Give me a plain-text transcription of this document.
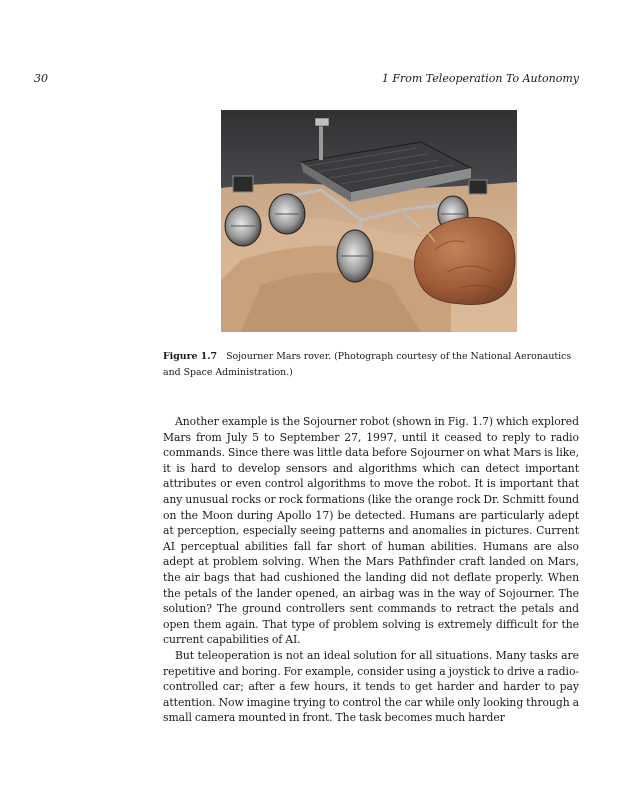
30	1 From Teleoperation To Autonomy
Figure 1.7 Sojourner Mars rover. (Photograph courtesy of the National Aeronautics and Space Administration.)

Another example is the Sojourner robot (shown in Fig. 1.7) which explored Mars from July 5 to September 27, 1997, until it ceased to reply to radio commands. Since there was little data before Sojourner on what Mars is like, it is hard to develop sensors and algorithms which can detect important attributes or even control algorithms to move the robot. It is important that any unusual rocks or rock formations (like the orange rock Dr. Schmitt found on the Moon during Apollo 17) be detected. Humans are particularly adept at perception, especially seeing patterns and anomalies in pictures. Current AI perceptual abilities fall far short of human abilities. Humans are also adept at problem solving. When the Mars Pathfinder craft landed on Mars, the air bags that had cushioned the landing did not deflate properly. When the petals of the lander opened, an airbag was in the way of Sojourner. The solution? The ground controllers sent commands to retract the petals and open them again. That type of problem solving is extremely difficult for the current capabilities of AI.

But teleoperation is not an ideal solution for all situations. Many tasks are repetitive and boring. For example, consider using a joystick to drive a radio-controlled car; after a few hours, it tends to get harder and harder to pay attention. Now imagine trying to control the car while only looking through a small camera mounted in front. The task becomes much harder
